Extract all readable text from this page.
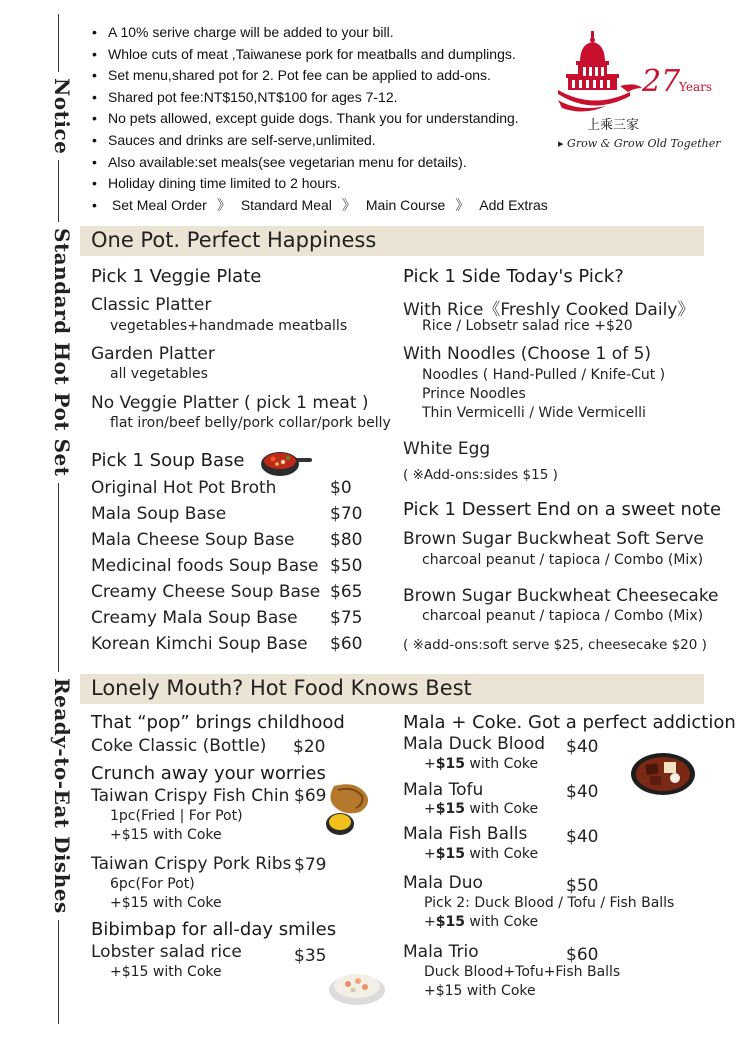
Notice
Standard Hot Pot Set
Ready-to-Eat Dishes
• A 10% serive charge will be added to your bill.
• Whloe cuts of meat ,Taiwanese pork for meatballs and dumplings.
• Set menu,shared pot for 2. Pot fee can be applied to add-ons.
• Shared pot fee:NT$150,NT$100 for ages 7-12.
• No pets allowed, except guide dogs. Thank you for understanding.
• Sauces and drinks are self-serve,unlimited.
• Also available:set meals(see vegetarian menu for details).
• Holiday dining time limited to 2 hours.
• Set Meal Order 》 Standard Meal 》 Main Course 》 Add Extras
27
Years
上乘三家
▸ Grow & Grow Old Together
One Pot. Perfect Happiness
Pick 1 Veggie Plate
Classic Platter
vegetables+handmade meatballs
Garden Platter
all vegetables
No Veggie Platter ( pick 1 meat )
flat iron/beef belly/pork collar/pork belly
Pick 1 Soup Base
Original Hot Pot Broth	$0
Mala Soup Base	$70
Mala Cheese Soup Base $80
Medicinal foods Soup Base $50
Creamy Cheese Soup Base $65
Creamy Mala Soup Base $75
Korean Kimchi Soup Base $60
Pick 1 Side Today's Pick?
With Rice《Freshly Cooked Daily》
Rice / Lobsetr salad rice +$20
With Noodles (Choose 1 of 5)
Noodles ( Hand-Pulled / Knife-Cut )
Prince Noodles
Thin Vermicelli / Wide Vermicelli
White Egg
( ※Add-ons:sides $15 )
Pick 1 Dessert End on a sweet note
Brown Sugar Buckwheat Soft Serve
charcoal peanut / tapioca / Combo (Mix)
Brown Sugar Buckwheat Cheesecake
charcoal peanut / tapioca / Combo (Mix)
( ※add-ons:soft serve $25, cheesecake $20 )
Lonely Mouth? Hot Food Knows Best
That “pop” brings childhood
Coke Classic (Bottle) $20
Crunch away your worries
Taiwan Crispy Fish Chin $69
1pc(Fried | For Pot)
+$15 with Coke
Taiwan Crispy Pork Ribs $79
6pc(For Pot)
+$15 with Coke
Bibimbap for all-day smiles
Lobster salad rice	$35
+$15 with Coke
Mala + Coke. Got a perfect addiction
Mala Duck Blood $40
+$15 with Coke
Mala Tofu	$40
+$15 with Coke
Mala Fish Balls $40
+$15 with Coke
Mala Duo	$50
Pick 2: Duck Blood / Tofu / Fish Balls
+$15 with Coke
Mala Trio	$60
Duck Blood+Tofu+Fish Balls
+$15 with Coke
